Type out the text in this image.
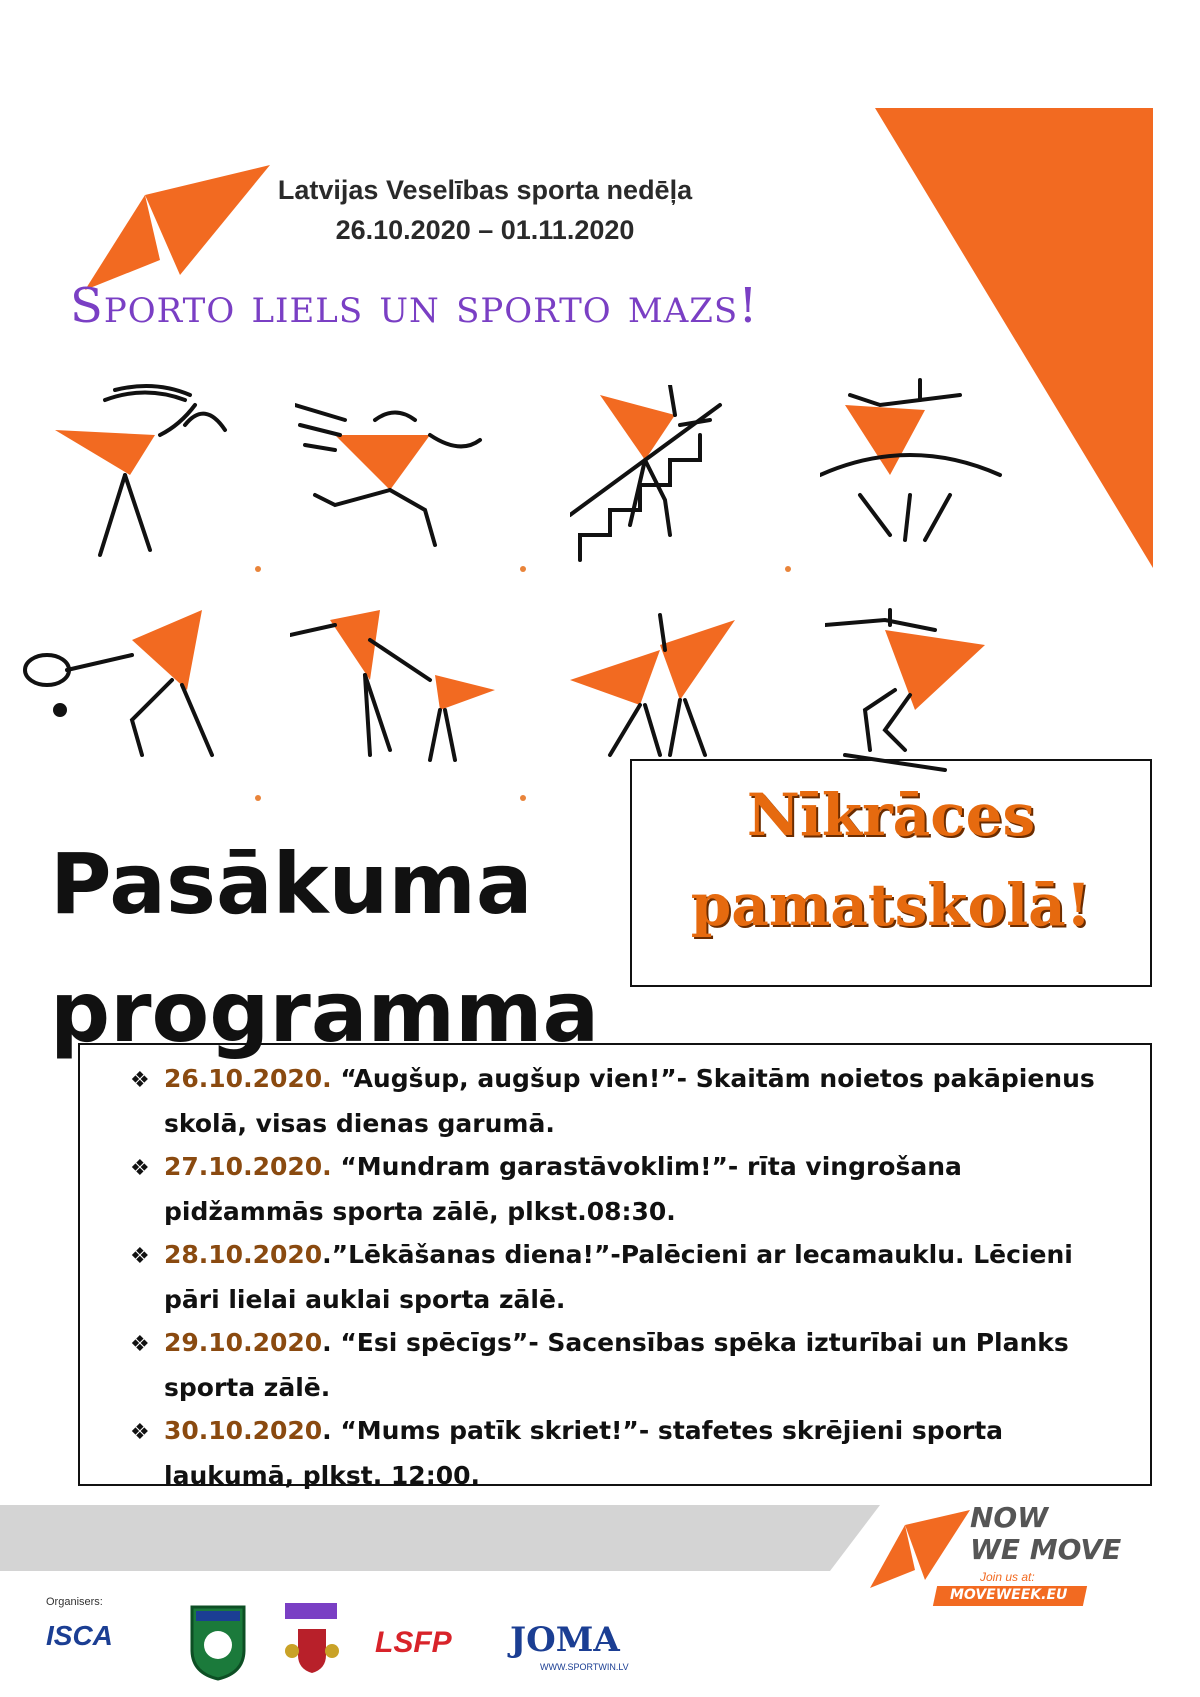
Latvijas Veselības sporta nedēļa
26.10.2020 – 01.11.2020
Sporto liels un sporto mazs!
Pasākuma
programma
Nīkrāces
pamatskolā!
❖ 26.10.2020. “Augšup, augšup vien!”- Skaitām noietos pakāpienus skolā, visas dienas garumā.
❖ 27.10.2020. “Mundram garastāvoklim!”- rīta vingrošana pidžammās sporta zālē, plkst.08:30.
❖ 28.10.2020.”Lēkāšanas diena!”-Palēcieni ar lecamauklu. Lēcieni pāri lielai auklai sporta zālē.
❖ 29.10.2020. “Esi spēcīgs”- Sacensības spēka izturībai un Planks sporta zālē.
❖ 30.10.2020. “Mums patīk skriet!”- stafetes skrējieni sporta laukumā, plkst. 12:00.
NOW
WE MOVE
Join us at:
MOVEWEEK.EU
Organisers:
ISCA	LSFP JOMA
WWW.SPORTWIN.LV
